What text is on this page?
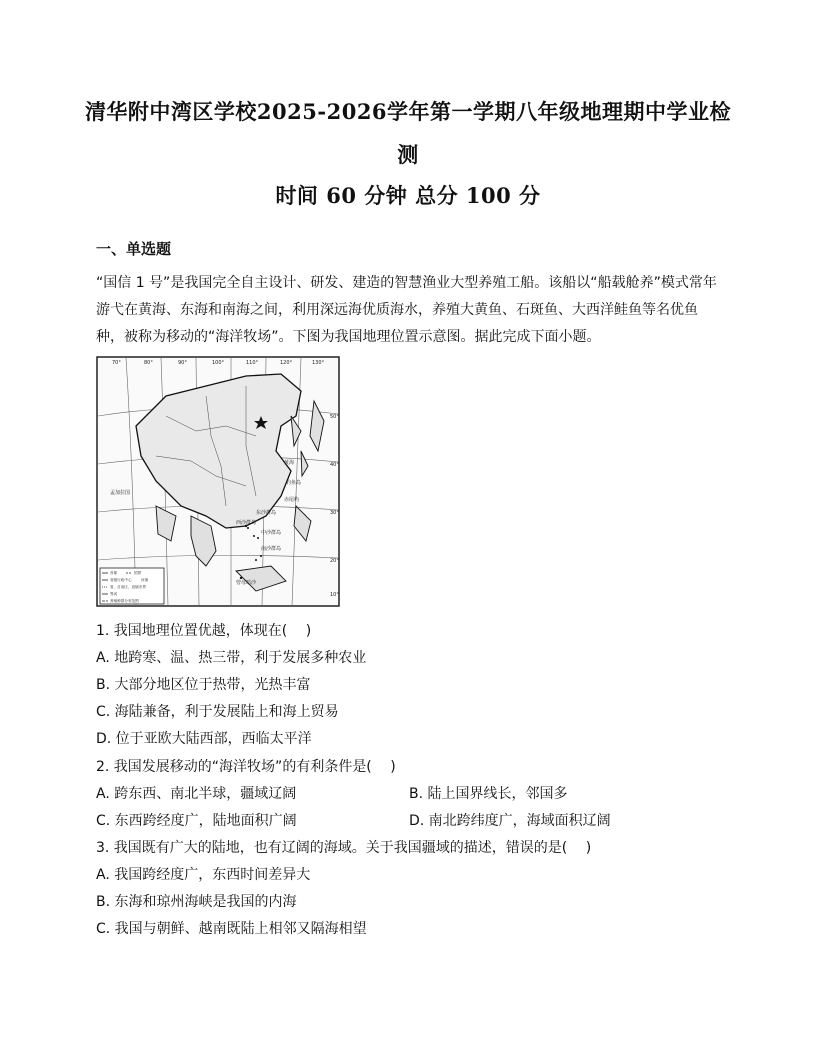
清华附中湾区学校2025-2026学年第一学期八年级地理期中学业检
测
时间 60 分钟 总分 100 分
一、单选题
“国信 1 号”是我国完全自主设计、研发、建造的智慧渔业大型养殖工船。该船以“船载舱养”模式常年
游弋在黄海、东海和南海之间，利用深远海优质海水，养殖大黄鱼、石斑鱼、大西洋鲑鱼等名优鱼
种，被称为移动的“海洋牧场”。下图为我国地理位置示意图。据此完成下面小题。
70°	80°	90°	100°	110°	120°	130°
50°
40°
30°
20°
10°
孟加拉国
黄海
钓鱼岛
赤尾屿
东沙群岛
西沙群岛
中沙群岛
南沙群岛
曾母暗沙
首都	国界
省级行政中心	河流
省、自治区、直辖市界
界河
养殖种群分布范围
1. 我国地理位置优越，体现在(　 )
A. 地跨寒、温、热三带，利于发展多种农业
B. 大部分地区位于热带，光热丰富
C. 海陆兼备，利于发展陆上和海上贸易
D. 位于亚欧大陆西部，西临太平洋
2. 我国发展移动的“海洋牧场”的有利条件是(　 )
A. 跨东西、南北半球，疆域辽阔	B. 陆上国界线长，邻国多
C. 东西跨经度广，陆地面积广阔	D. 南北跨纬度广，海域面积辽阔
3. 我国既有广大的陆地，也有辽阔的海域。关于我国疆域的描述，错误的是(　 )
A. 我国跨经度广，东西时间差异大
B. 东海和琼州海峡是我国的内海
C. 我国与朝鲜、越南既陆上相邻又隔海相望
